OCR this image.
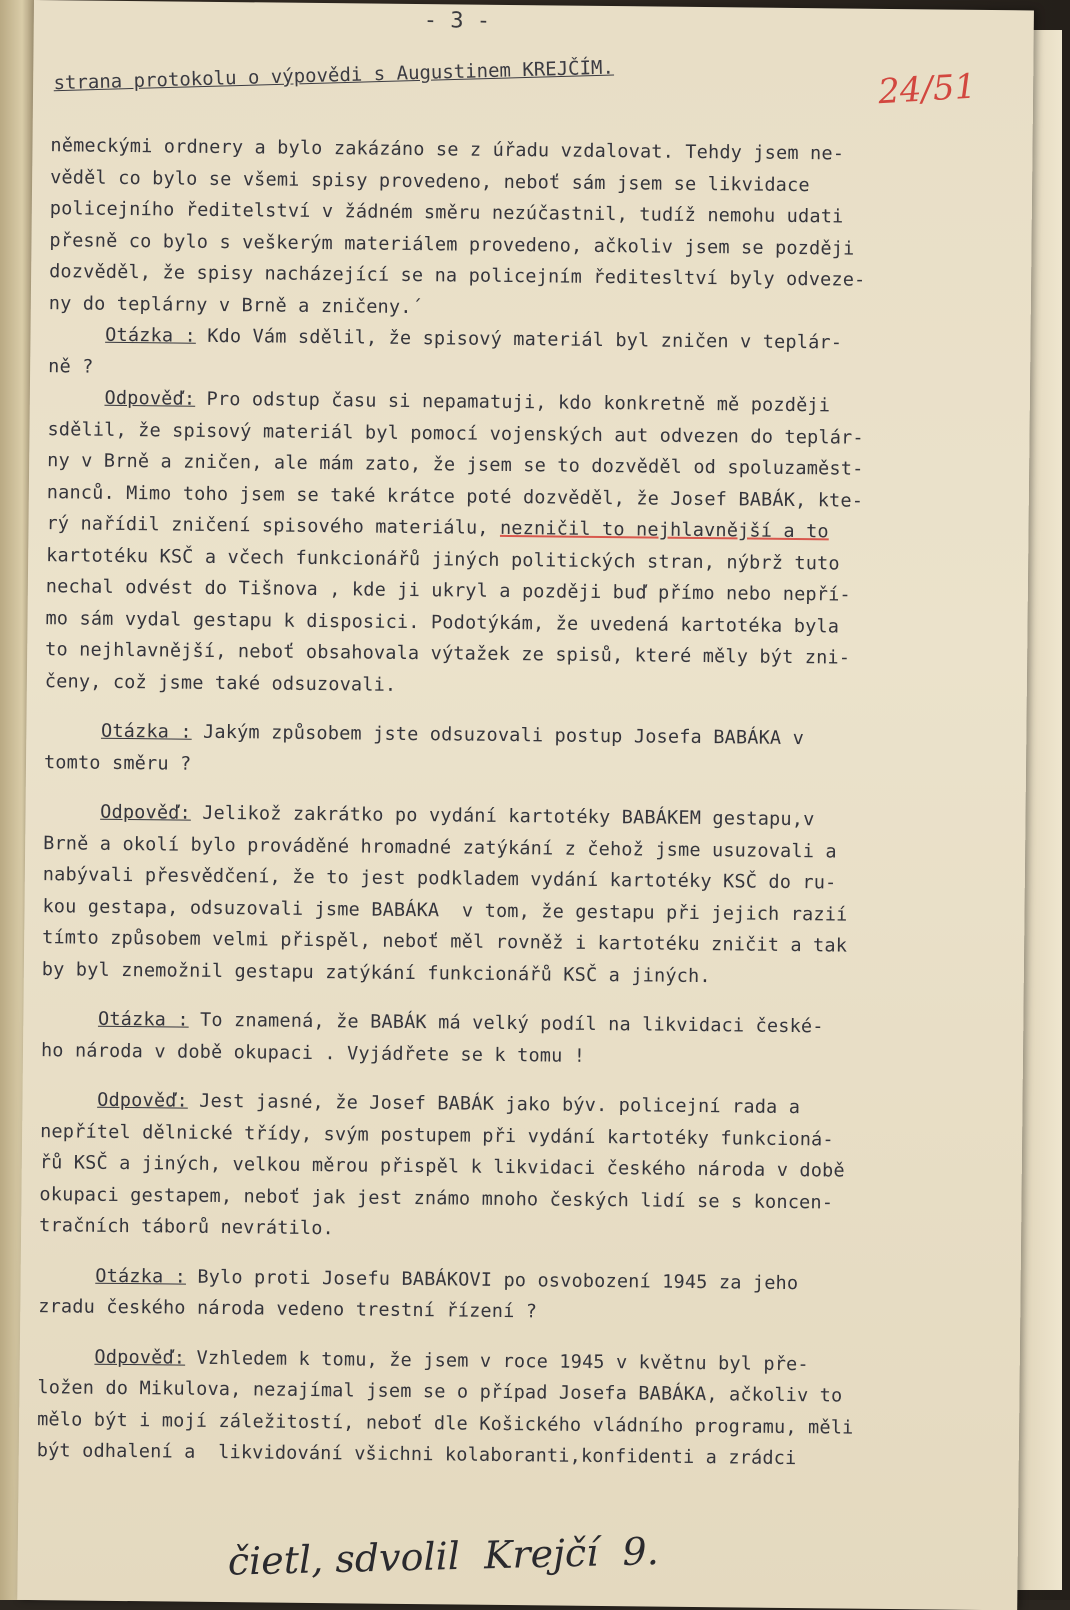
- 3 -
strana protokolu o výpovědi s Augustinem KREJČÍM.	24/51
německými ordnery a bylo zakázáno se z úřadu vzdalovat. Tehdy jsem ne-
věděl co bylo se všemi spisy provedeno, neboť sám jsem se likvidace
policejního ředitelství v žádném směru nezúčastnil, tudíž nemohu udati
přesně co bylo s veškerým materiálem provedeno, ačkoliv jsem se později
dozvěděl, že spisy nacházející se na policejním ředitesltví byly odveze-
ny do teplárny v Brně a zničeny.´
Otázka : Kdo Vám sdělil, že spisový materiál byl zničen v teplár-
ně ?
Odpověď: Pro odstup času si nepamatuji, kdo konkretně mě později
sdělil, že spisový materiál byl pomocí vojenských aut odvezen do teplár-
ny v Brně a zničen, ale mám zato, že jsem se to dozvěděl od spoluzaměst-
nanců. Mimo toho jsem se také krátce poté dozvěděl, že Josef BABÁK, kte-
rý nařídil zničení spisového materiálu, nezničil to nejhlavnější a to
kartotéku KSČ a včech funkcionářů jiných politických stran, nýbrž tuto
nechal odvést do Tišnova , kde ji ukryl a později buď přímo nebo nepří-
mo sám vydal gestapu k disposici. Podotýkám, že uvedená kartotéka byla
to nejhlavnější, neboť obsahovala výtažek ze spisů, které měly být zni-
čeny, což jsme také odsuzovali.
Otázka : Jakým způsobem jste odsuzovali postup Josefa BABÁKA v
tomto směru ?
Odpověď: Jelikož zakrátko po vydání kartotéky BABÁKEM gestapu,v
Brně a okolí bylo prováděné hromadné zatýkání z čehož jsme usuzovali a
nabývali přesvědčení, že to jest podkladem vydání kartotéky KSČ do ru-
kou gestapa, odsuzovali jsme BABÁKA  v tom, že gestapu při jejich razií
tímto způsobem velmi přispěl, neboť měl rovněž i kartotéku zničit a tak
by byl znemožnil gestapu zatýkání funkcionářů KSČ a jiných.
Otázka : To znamená, že BABÁK má velký podíl na likvidaci české-
ho národa v době okupaci . Vyjádřete se k tomu !
Odpověď: Jest jasné, že Josef BABÁK jako býv. policejní rada a
nepřítel dělnické třídy, svým postupem při vydání kartotéky funkcioná-
řů KSČ a jiných, velkou měrou přispěl k likvidaci českého národa v době
okupaci gestapem, neboť jak jest známo mnoho českých lidí se s koncen-
tračních táborů nevrátilo.
Otázka : Bylo proti Josefu BABÁKOVI po osvobození 1945 za jeho
zradu českého národa vedeno trestní řízení ?
Odpověď: Vzhledem k tomu, že jsem v roce 1945 v květnu byl pře-
ložen do Mikulova, nezajímal jsem se o případ Josefa BABÁKA, ačkoliv to
mělo být i mojí záležitostí, neboť dle Košického vládního programu, měli
být odhalení a  likvidování všichni kolaboranti,konfidenti a zrádci
čietl, sdvolil  Krejčí  9.
